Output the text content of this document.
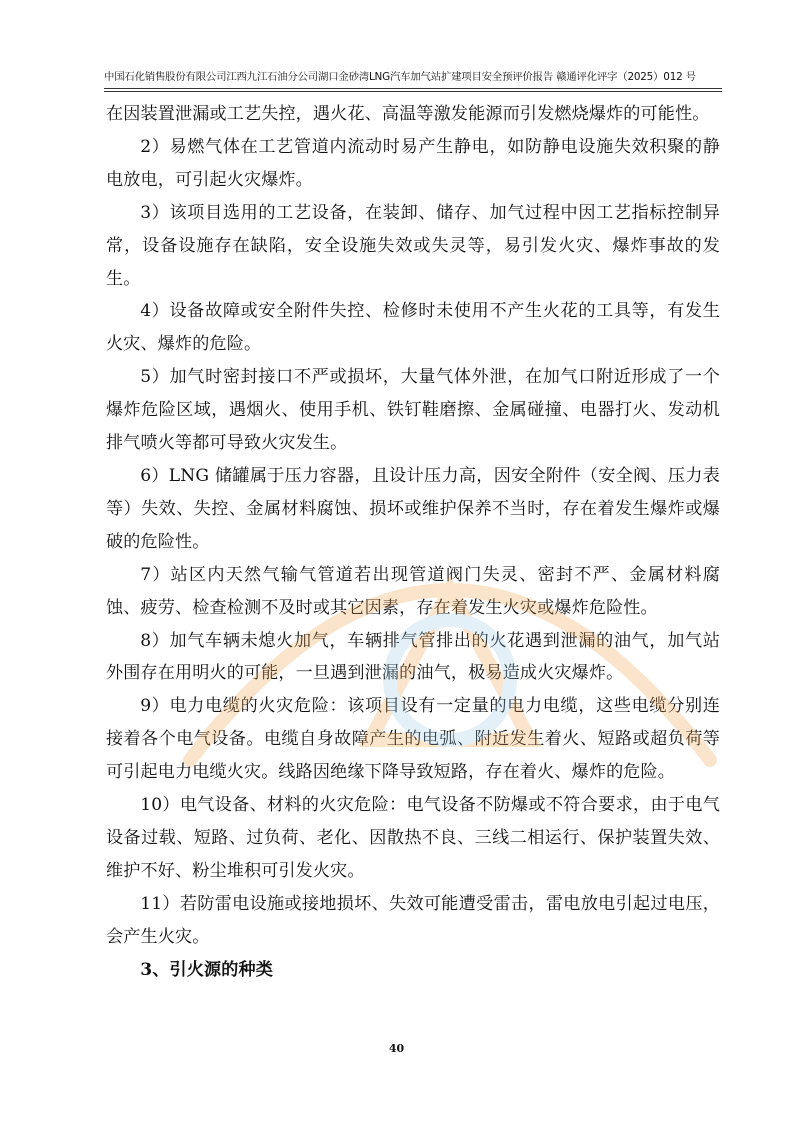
中国石化销售股份有限公司江西九江石油分公司湖口金砂湾LNG汽车加气站扩建项目安全预评价报告 赣通评化评字（2025）012 号

在因装置泄漏或工艺失控，遇火花、高温等激发能源而引发燃烧爆炸的可能性。

2）易燃气体在工艺管道内流动时易产生静电，如防静电设施失效积聚的静电放电，可引起火灾爆炸。

3）该项目选用的工艺设备，在装卸、储存、加气过程中因工艺指标控制异常，设备设施存在缺陷，安全设施失效或失灵等，易引发火灾、爆炸事故的发生。

4）设备故障或安全附件失控、检修时未使用不产生火花的工具等，有发生火灾、爆炸的危险。

5）加气时密封接口不严或损坏，大量气体外泄，在加气口附近形成了一个爆炸危险区域，遇烟火、使用手机、铁钉鞋磨擦、金属碰撞、电器打火、发动机排气喷火等都可导致火灾发生。

6）LNG 储罐属于压力容器，且设计压力高，因安全附件（安全阀、压力表等）失效、失控、金属材料腐蚀、损坏或维护保养不当时，存在着发生爆炸或爆破的危险性。

7）站区内天然气输气管道若出现管道阀门失灵、密封不严、金属材料腐蚀、疲劳、检查检测不及时或其它因素，存在着发生火灾或爆炸危险性。

8）加气车辆未熄火加气，车辆排气管排出的火花遇到泄漏的油气，加气站外围存在用明火的可能，一旦遇到泄漏的油气，极易造成火灾爆炸。

9）电力电缆的火灾危险：该项目设有一定量的电力电缆，这些电缆分别连接着各个电气设备。电缆自身故障产生的电弧、附近发生着火、短路或超负荷等可引起电力电缆火灾。线路因绝缘下降导致短路，存在着火、爆炸的危险。

10）电气设备、材料的火灾危险：电气设备不防爆或不符合要求，由于电气设备过载、短路、过负荷、老化、因散热不良、三线二相运行、保护装置失效、维护不好、粉尘堆积可引发火灾。

11）若防雷电设施或接地损坏、失效可能遭受雷击，雷电放电引起过电压，会产生火灾。

3、引火源的种类

40
